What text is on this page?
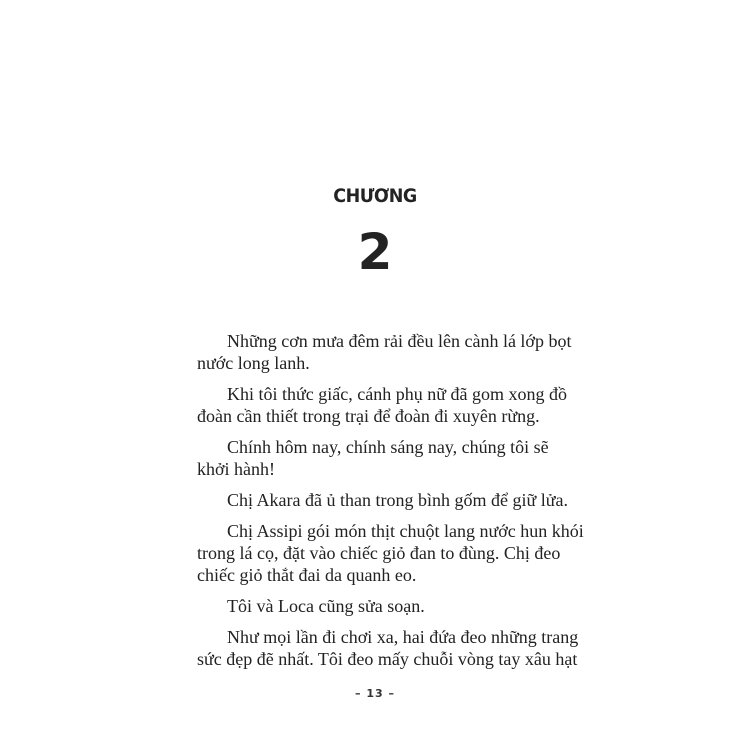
CHƯƠNG
2
Những cơn mưa đêm rải đều lên cành lá lớp bọt
nước long lanh.
Khi tôi thức giấc, cánh phụ nữ đã gom xong đồ
đoàn cần thiết trong trại để đoàn đi xuyên rừng.
Chính hôm nay, chính sáng nay, chúng tôi sẽ
khởi hành!
Chị Akara đã ủ than trong bình gốm để giữ lửa.
Chị Assipi gói món thịt chuột lang nước hun khói
trong lá cọ, đặt vào chiếc giỏ đan to đùng. Chị đeo
chiếc giỏ thắt đai da quanh eo.
Tôi và Loca cũng sửa soạn.
Như mọi lần đi chơi xa, hai đứa đeo những trang
sức đẹp đẽ nhất. Tôi đeo mấy chuỗi vòng tay xâu hạt
– 13 –
